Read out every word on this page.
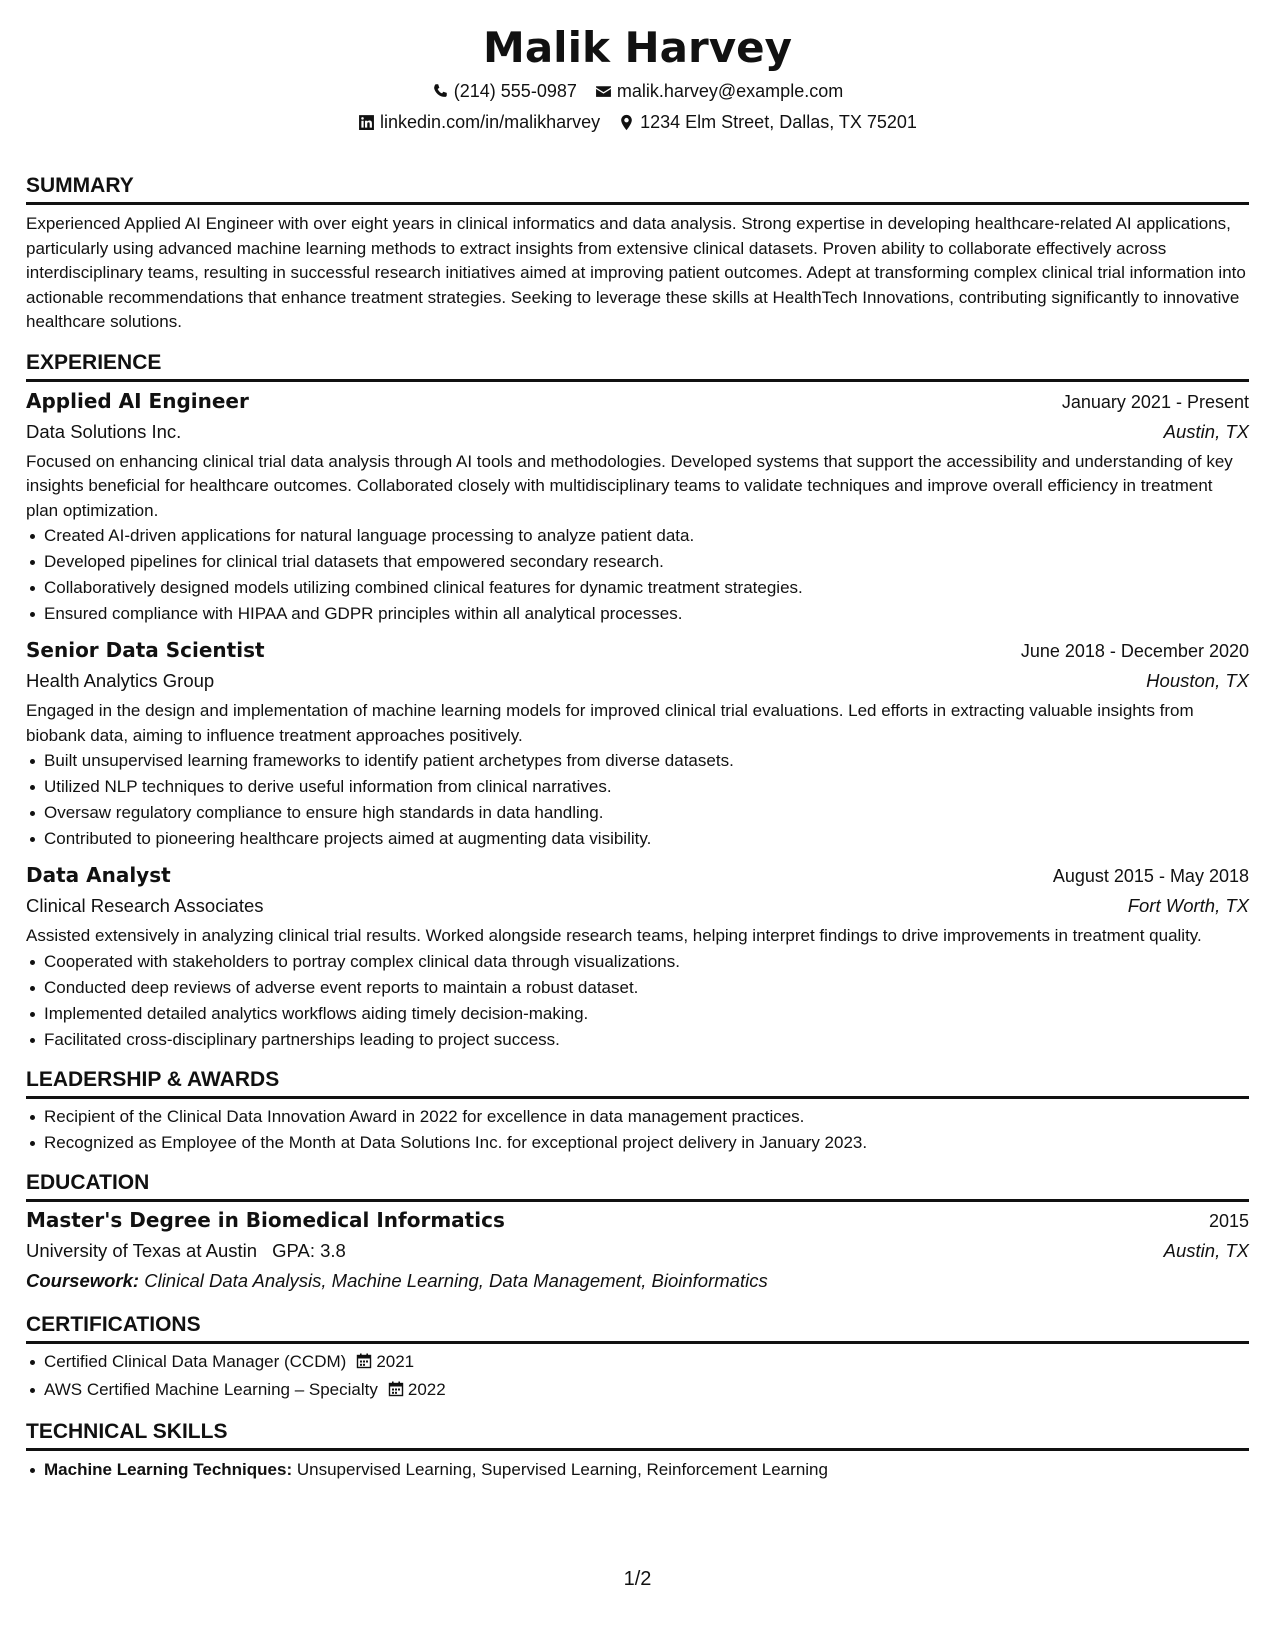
Malik Harvey
(214) 555-0987 malik.harvey@example.com
linkedin.com/in/malikharvey 1234 Elm Street, Dallas, TX 75201
SUMMARY
Experienced Applied AI Engineer with over eight years in clinical informatics and data analysis. Strong expertise in developing healthcare-related AI applications, particularly using advanced machine learning methods to extract insights from extensive clinical datasets. Proven ability to collaborate effectively across interdisciplinary teams, resulting in successful research initiatives aimed at improving patient outcomes. Adept at transforming complex clinical trial information into actionable recommendations that enhance treatment strategies. Seeking to leverage these skills at HealthTech Innovations, contributing significantly to innovative healthcare solutions.
EXPERIENCE
Applied AI Engineer	January 2021 - Present
Data Solutions Inc.	Austin, TX
Focused on enhancing clinical trial data analysis through AI tools and methodologies. Developed systems that support the accessibility and understanding of key insights beneficial for healthcare outcomes. Collaborated closely with multidisciplinary teams to validate techniques and improve overall efficiency in treatment plan optimization.
Created AI-driven applications for natural language processing to analyze patient data.
Developed pipelines for clinical trial datasets that empowered secondary research.
Collaboratively designed models utilizing combined clinical features for dynamic treatment strategies.
Ensured compliance with HIPAA and GDPR principles within all analytical processes.
Senior Data Scientist	June 2018 - December 2020
Health Analytics Group	Houston, TX
Engaged in the design and implementation of machine learning models for improved clinical trial evaluations. Led efforts in extracting valuable insights from biobank data, aiming to influence treatment approaches positively.
Built unsupervised learning frameworks to identify patient archetypes from diverse datasets.
Utilized NLP techniques to derive useful information from clinical narratives.
Oversaw regulatory compliance to ensure high standards in data handling.
Contributed to pioneering healthcare projects aimed at augmenting data visibility.
Data Analyst	August 2015 - May 2018
Clinical Research Associates	Fort Worth, TX
Assisted extensively in analyzing clinical trial results. Worked alongside research teams, helping interpret findings to drive improvements in treatment quality.
Cooperated with stakeholders to portray complex clinical data through visualizations.
Conducted deep reviews of adverse event reports to maintain a robust dataset.
Implemented detailed analytics workflows aiding timely decision-making.
Facilitated cross-disciplinary partnerships leading to project success.
LEADERSHIP & AWARDS
Recipient of the Clinical Data Innovation Award in 2022 for excellence in data management practices.
Recognized as Employee of the Month at Data Solutions Inc. for exceptional project delivery in January 2023.
EDUCATION
Master's Degree in Biomedical Informatics	2015
University of Texas at Austin GPA: 3.8	Austin, TX
Coursework: Clinical Data Analysis, Machine Learning, Data Management, Bioinformatics
CERTIFICATIONS
Certified Clinical Data Manager (CCDM) 2021
AWS Certified Machine Learning – Specialty 2022
TECHNICAL SKILLS
Machine Learning Techniques: Unsupervised Learning, Supervised Learning, Reinforcement Learning
1/2
